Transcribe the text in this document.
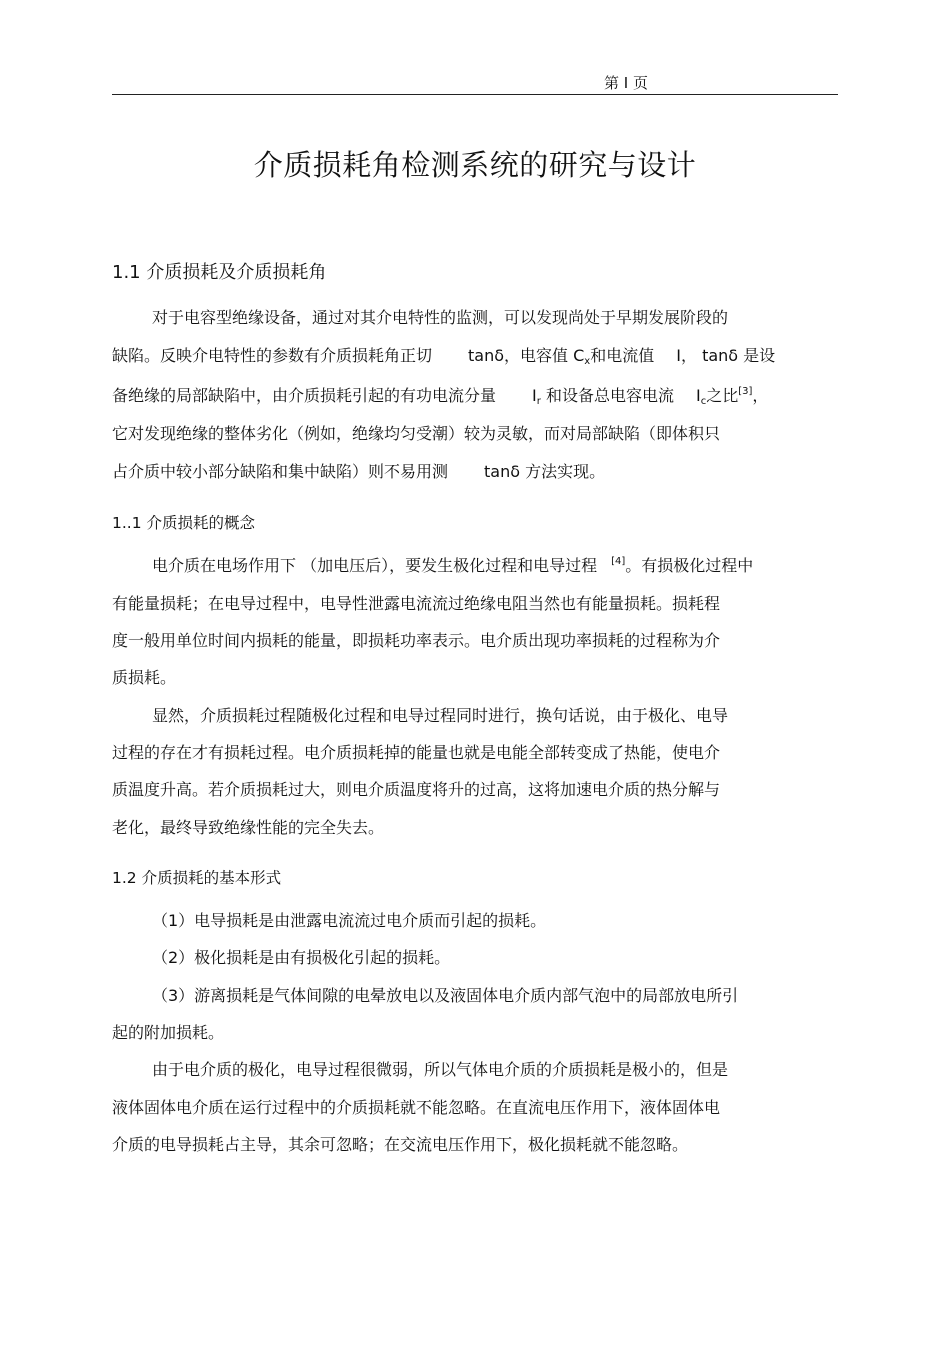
第 I 页
介质损耗角检测系统的研究与设计
1.1 介质损耗及介质损耗角
对于电容型绝缘设备，通过对其介电特性的监测，可以发现尚处于早期发展阶段的
缺陷。反映介电特性的参数有介质损耗角正切 tanδ，电容值 $C_x$和电流值 I， tanδ 是设
备绝缘的局部缺陷中，由介质损耗引起的有功电流分量 $I_r$ 和设备总电容电流 $I_c$之比[3]，
它对发现绝缘的整体劣化（例如，绝缘均匀受潮）较为灵敏，而对局部缺陷（即体积只
占介质中较小部分缺陷和集中缺陷）则不易用测 tanδ 方法实现。
1..1 介质损耗的概念
电介质在电场作用下 （加电压后），要发生极化过程和电导过程 [4]。有损极化过程中
有能量损耗；在电导过程中，电导性泄露电流流过绝缘电阻当然也有能量损耗。损耗程
度一般用单位时间内损耗的能量，即损耗功率表示。电介质出现功率损耗的过程称为介
质损耗。
显然，介质损耗过程随极化过程和电导过程同时进行，换句话说，由于极化、电导
过程的存在才有损耗过程。电介质损耗掉的能量也就是电能全部转变成了热能，使电介
质温度升高。若介质损耗过大，则电介质温度将升的过高，这将加速电介质的热分解与
老化，最终导致绝缘性能的完全失去。
1.2 介质损耗的基本形式
（1）电导损耗是由泄露电流流过电介质而引起的损耗。
（2）极化损耗是由有损极化引起的损耗。
（3）游离损耗是气体间隙的电晕放电以及液固体电介质内部气泡中的局部放电所引
起的附加损耗。
由于电介质的极化，电导过程很微弱，所以气体电介质的介质损耗是极小的，但是
液体固体电介质在运行过程中的介质损耗就不能忽略。在直流电压作用下，液体固体电
介质的电导损耗占主导，其余可忽略；在交流电压作用下，极化损耗就不能忽略。
